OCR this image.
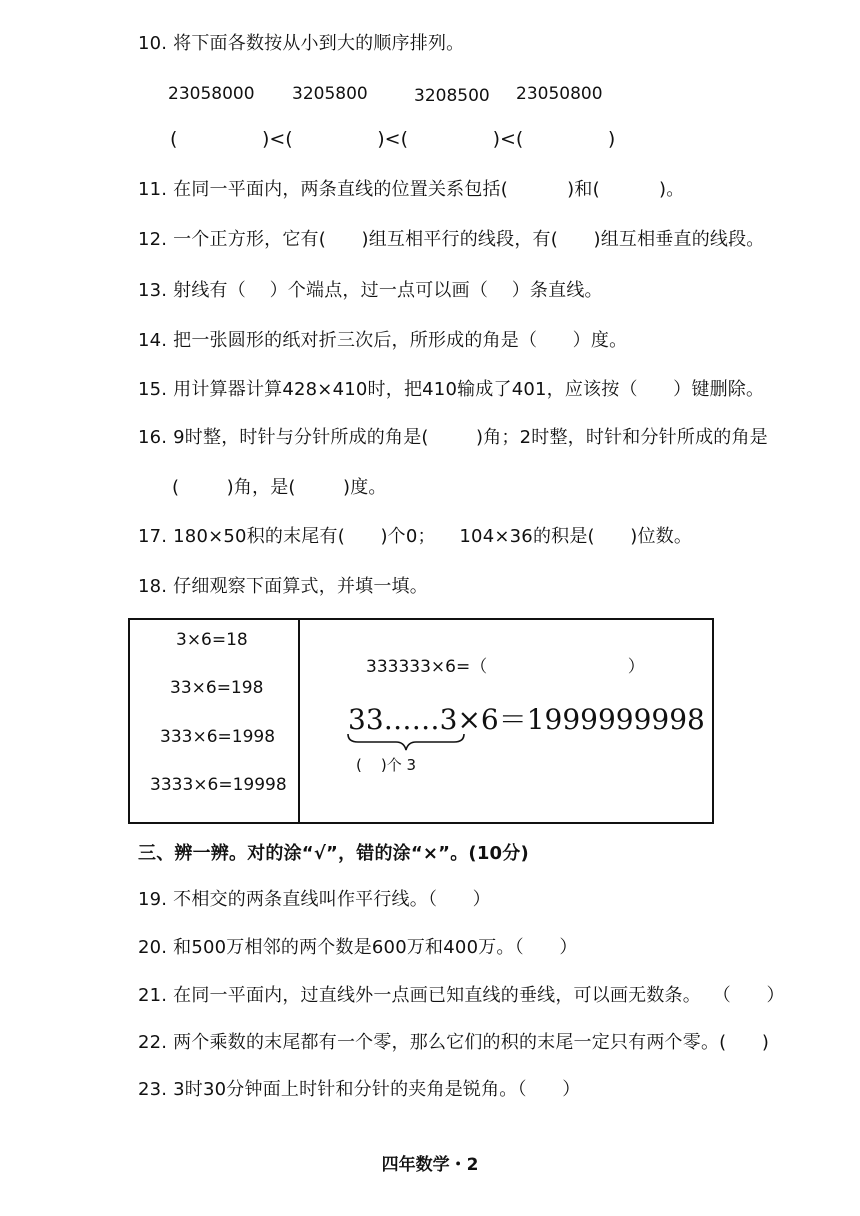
10. 将下面各数按从小到大的顺序排列。
23058000 3205800	3208500 23050800
(              )<(              )<(              )<(              )
11. 在同一平面内，两条直线的位置关系包括(          )和(          )。
12. 一个正方形，它有(      )组互相平行的线段，有(      )组互相垂直的线段。
13. 射线有（    ）个端点，过一点可以画（    ）条直线。
14. 把一张圆形的纸对折三次后，所形成的角是（      ）度。
15. 用计算器计算428×410时，把410输成了401，应该按（      ）键删除。
16. 9时整，时针与分针所成的角是(        )角；2时整，时针和分针所成的角是
(        )角，是(        )度。
17. 180×50积的末尾有(      )个0；    104×36的积是(      )位数。
18. 仔细观察下面算式，并填一填。
3×6=18
33×6=198
333×6=1998
3333×6=19998
333333×6=（                          ）
33……3×6＝1999999998
(    )个 3
三、辨一辨。对的涂“√”，错的涂“×”。(10分)
19. 不相交的两条直线叫作平行线。（      ）
20. 和500万相邻的两个数是600万和400万。（      ）
21. 在同一平面内，过直线外一点画已知直线的垂线，可以画无数条。  （      ）
22. 两个乘数的末尾都有一个零，那么它们的积的末尾一定只有两个零。(      )
23. 3时30分钟面上时针和分针的夹角是锐角。（      ）
四年数学・2
